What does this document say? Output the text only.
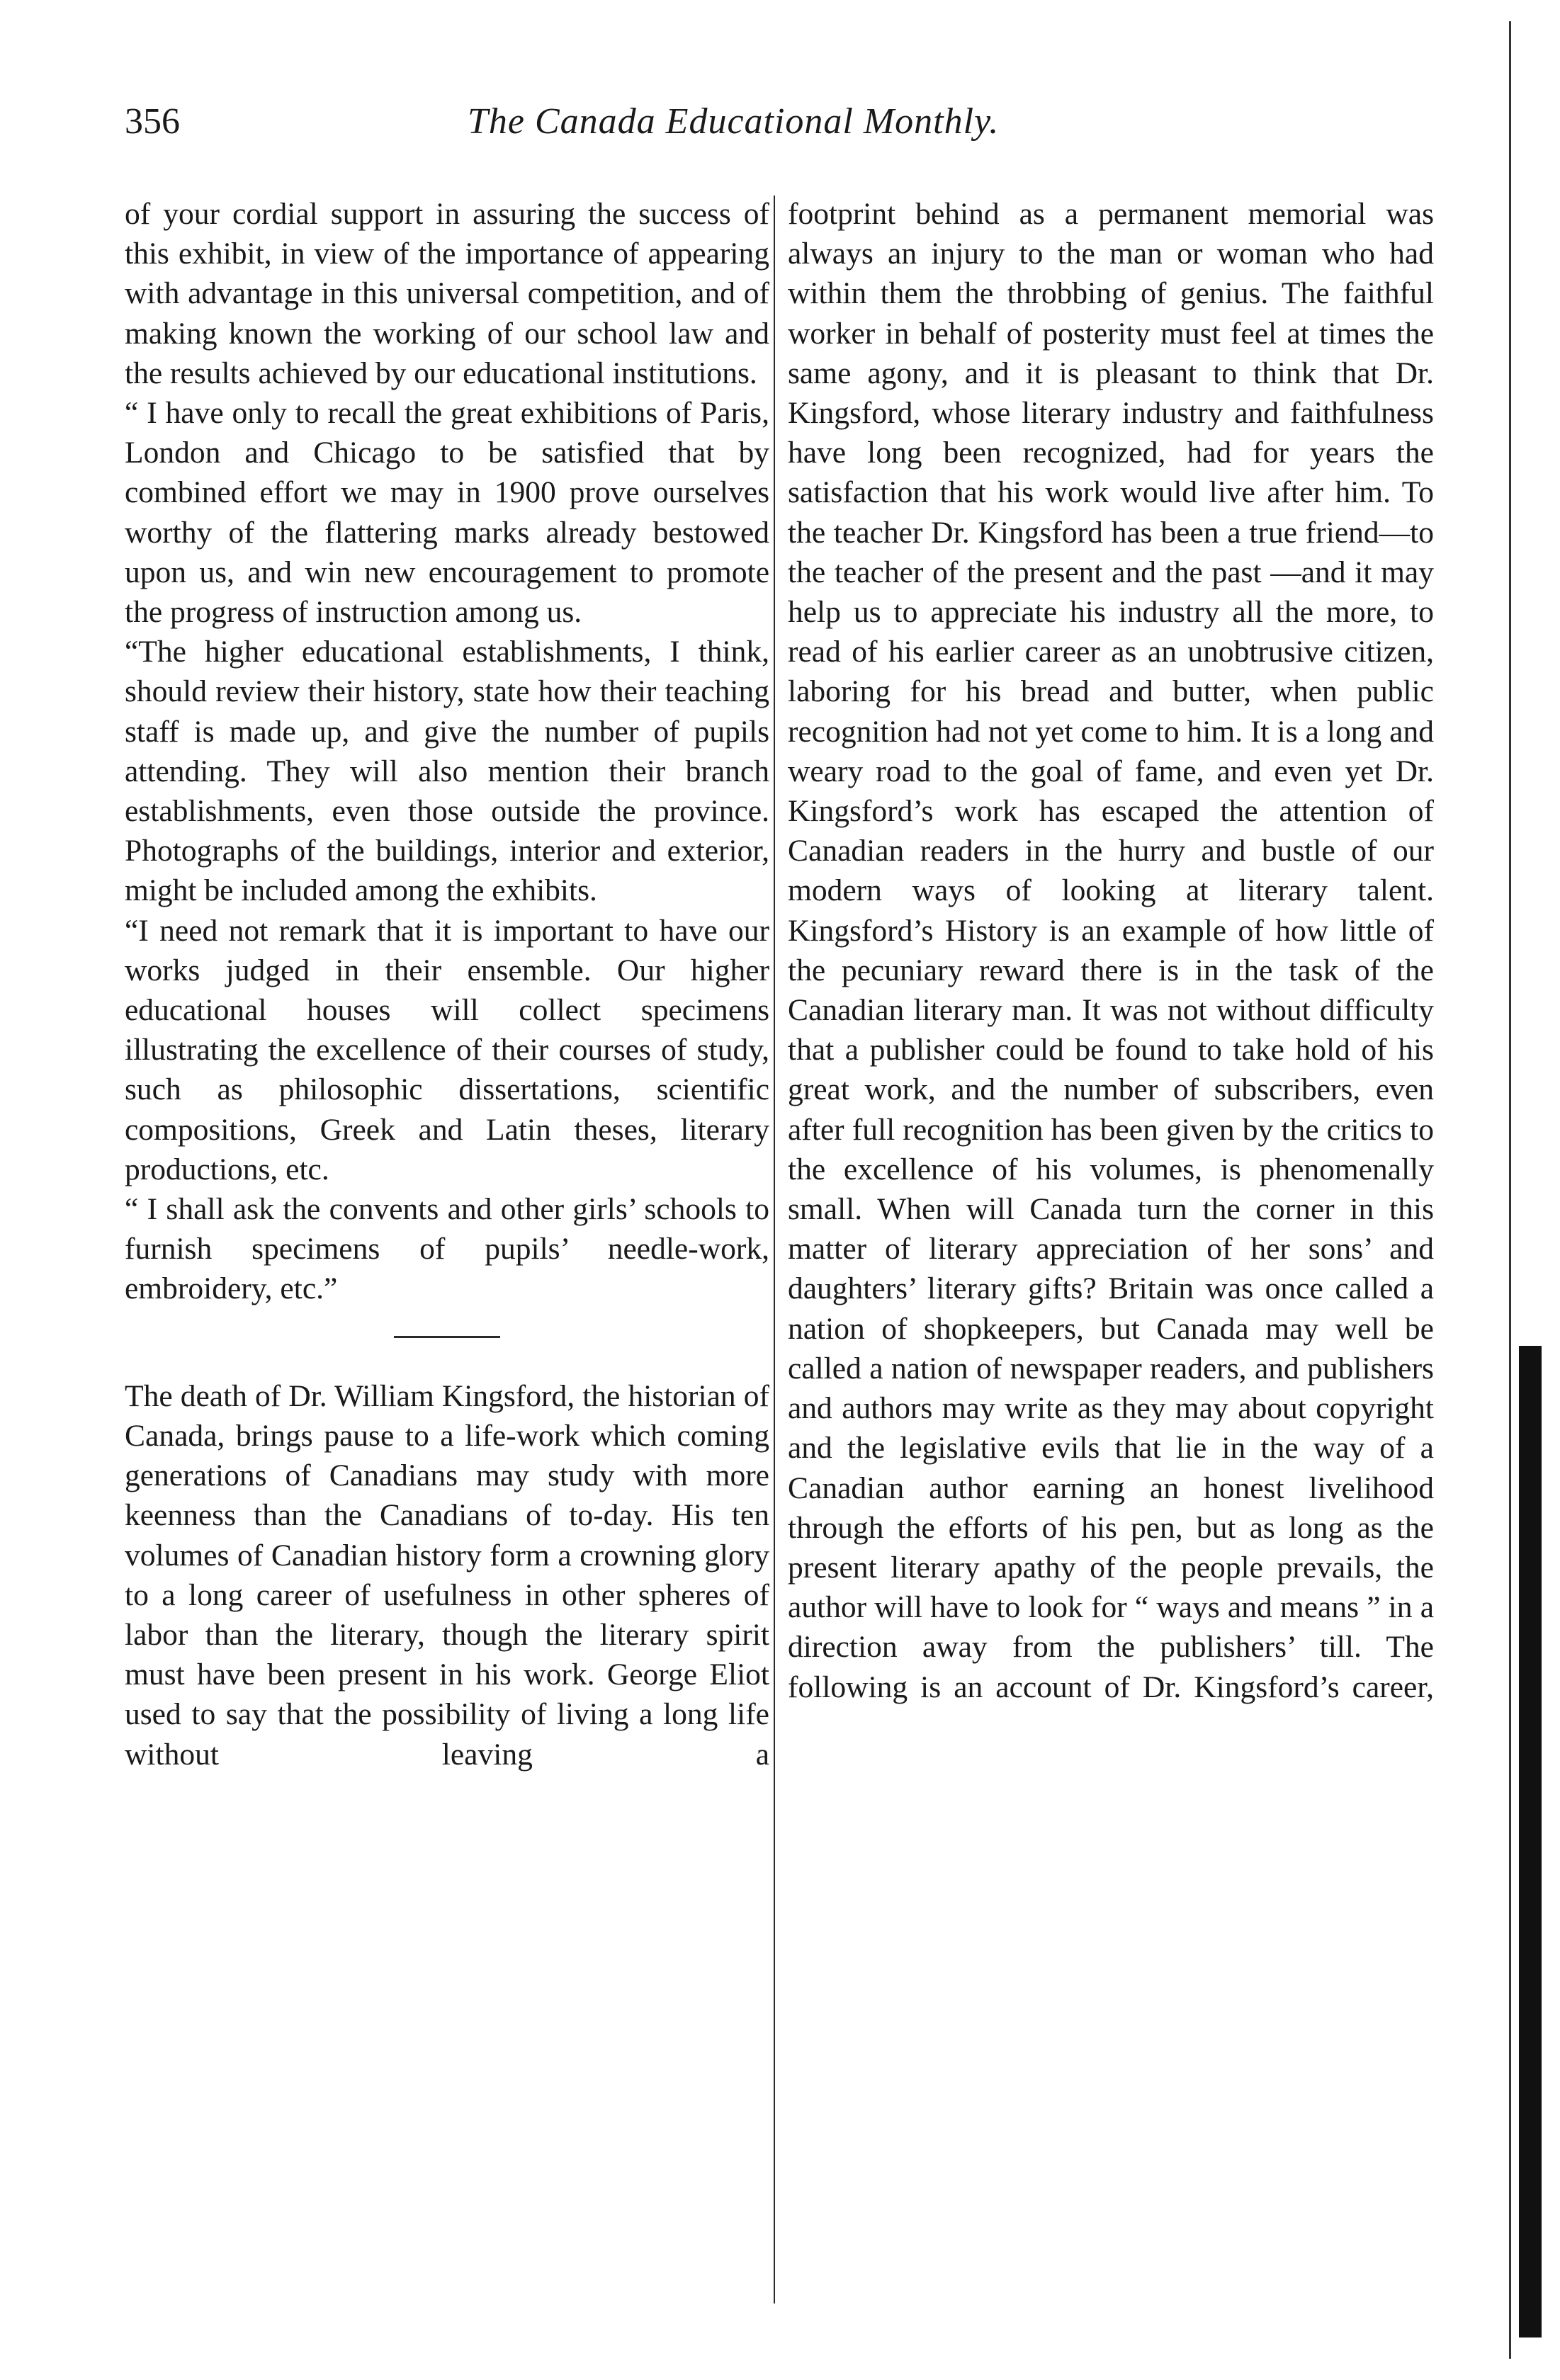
356	The Canada Educational Monthly.

of your cordial support in assuring the success of this exhibit, in view of the importance of appearing with advantage in this universal competition, and of making known the working of our school law and the results achieved by our educational institutions.

“ I have only to recall the great exhibitions of Paris, London and Chicago to be satisfied that by combined effort we may in 1900 prove ourselves worthy of the flattering marks already bestowed upon us, and win new encouragement to promote the progress of instruction among us.

“The higher educational establishments, I think, should review their history, state how their teaching staff is made up, and give the number of pupils attending. They will also mention their branch establishments, even those outside the province. Photographs of the buildings, interior and exterior, might be included among the exhibits.

“I need not remark that it is important to have our works judged in their ensemble. Our higher educational houses will collect specimens illustrating the excellence of their courses of study, such as philosophic dissertations, scientific compositions, Greek and Latin theses, literary productions, etc.

“ I shall ask the convents and other girls’ schools to furnish specimens of pupils’ needle-work, embroidery, etc.”

The death of Dr. William Kingsford, the historian of Canada, brings pause to a life-work which coming generations of Canadians may study with more keenness than the Canadians of to-day. His ten volumes of Canadian history form a crowning glory to a long career of usefulness in other spheres of labor than the literary, though the literary spirit must have been present in his work. George Eliot used to say that the possibility of living a long life without leaving a

footprint behind as a permanent memorial was always an injury to the man or woman who had within them the throbbing of genius. The faithful worker in behalf of posterity must feel at times the same agony, and it is pleasant to think that Dr. Kingsford, whose literary industry and faithfulness have long been recognized, had for years the satisfaction that his work would live after him. To the teacher Dr. Kingsford has been a true friend—to the teacher of the present and the past —and it may help us to appreciate his industry all the more, to read of his earlier career as an unobtrusive citizen, laboring for his bread and butter, when public recognition had not yet come to him. It is a long and weary road to the goal of fame, and even yet Dr. Kingsford’s work has escaped the attention of Canadian readers in the hurry and bustle of our modern ways of looking at literary talent. Kingsford’s History is an example of how little of the pecuniary reward there is in the task of the Canadian literary man. It was not without difficulty that a publisher could be found to take hold of his great work, and the number of subscribers, even after full recognition has been given by the critics to the excellence of his volumes, is phenomenally small. When will Canada turn the corner in this matter of literary appreciation of her sons’ and daughters’ literary gifts? Britain was once called a nation of shopkeepers, but Canada may well be called a nation of newspaper readers, and publishers and authors may write as they may about copyright and the legislative evils that lie in the way of a Canadian author earning an honest livelihood through the efforts of his pen, but as long as the present literary apathy of the people prevails, the author will have to look for “ ways and means ” in a direction away from the publishers’ till. The following is an account of Dr. Kingsford’s career,
